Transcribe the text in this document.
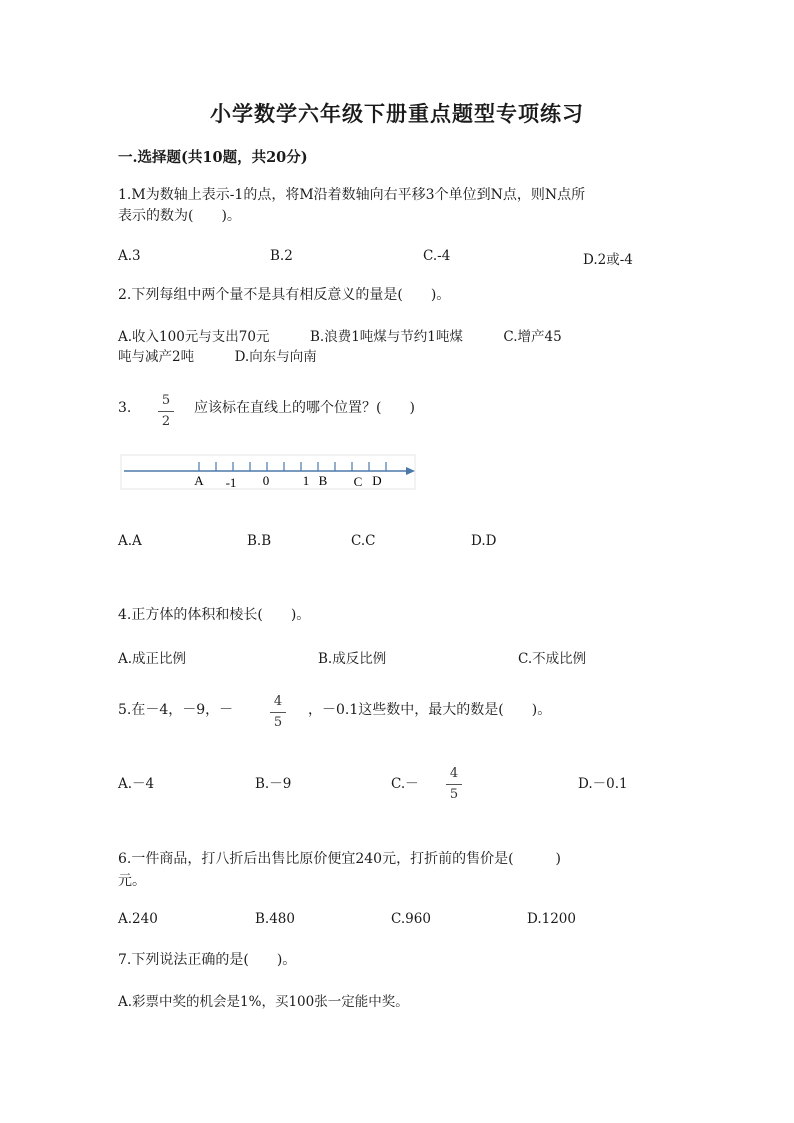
小学数学六年级下册重点题型专项练习
一.选择题(共10题，共20分)
1.M为数轴上表示-1的点，将M沿着数轴向右平移3个单位到N点，则N点所
表示的数为(　　)。
A.3	B.2	C.-4	D.2或-4
2.下列每组中两个量不是具有相反意义的量是(　　)。
A.收入100元与支出70元　　　B.浪费1吨煤与节约1吨煤　　　C.增产45
吨与减产2吨　　　D.向东与向南
3.	5
2
应该标在直线上的哪个位置？(　　)
A -1 0	1 B C D
A.A	B.B	C.C	D.D
4.正方体的体积和棱长(　　)。
A.成正比例	B.成反比例	C.不成比例
5.在－4，－9，－
4
5
，－0.1这些数中，最大的数是(　　)。
A.－4	B.－9	C.－
4
5
D.－0.1
6.一件商品，打八折后出售比原价便宜240元，打折前的售价是(　　　)
元。
A.240	B.480	C.960	D.1200
7.下列说法正确的是(　　)。
A.彩票中奖的机会是1%，买100张一定能中奖。
